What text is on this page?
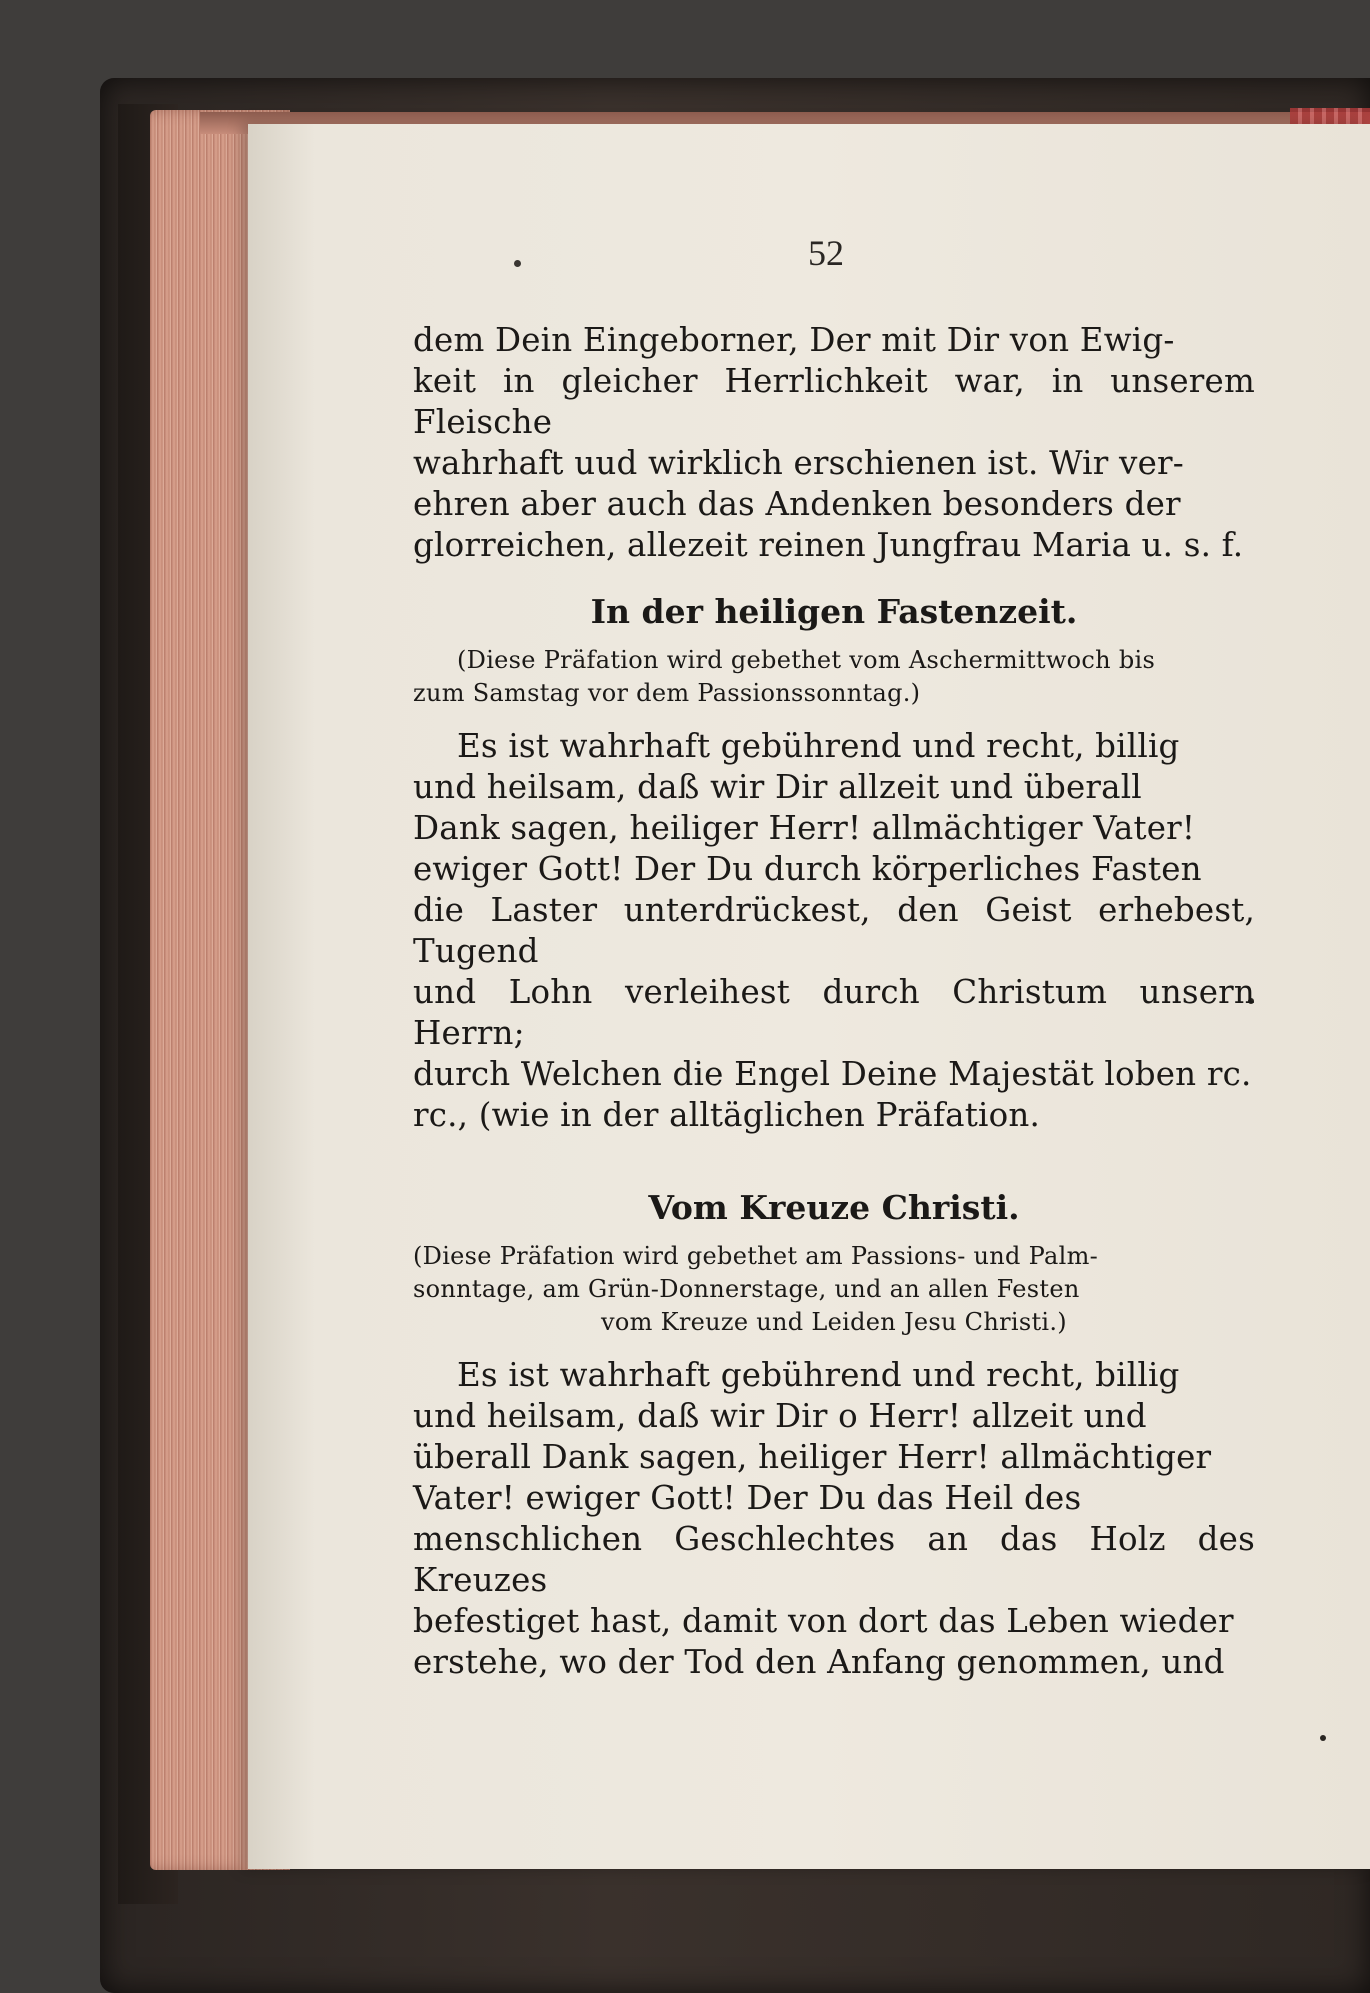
52

dem Dein Eingeborner, Der mit Dir von Ewig-
keit in gleicher Herrlichkeit war, in unserem Fleische
wahrhaft uud wirklich erschienen ist. Wir ver-
ehren aber auch das Andenken besonders der
glorreichen, allezeit reinen Jungfrau Maria u. s. f.

In der heiligen Fastenzeit.

(Diese Präfation wird gebethet vom Aschermittwoch bis
zum Samstag vor dem Passionssonntag.)

Es ist wahrhaft gebührend und recht, billig
und heilsam, daß wir Dir allzeit und überall
Dank sagen, heiliger Herr! allmächtiger Vater!
ewiger Gott! Der Du durch körperliches Fasten
die Laster unterdrückest, den Geist erhebest, Tugend
und Lohn verleihest durch Christum unsern Herrn;
durch Welchen die Engel Deine Majestät loben rc.
rc., (wie in der alltäglichen Präfation.

Vom Kreuze Christi.

(Diese Präfation wird gebethet am Passions- und Palm-
sonntage, am Grün-Donnerstage, und an allen Festen
vom Kreuze und Leiden Jesu Christi.)

Es ist wahrhaft gebührend und recht, billig
und heilsam, daß wir Dir o Herr! allzeit und
überall Dank sagen, heiliger Herr! allmächtiger
Vater! ewiger Gott! Der Du das Heil des
menschlichen Geschlechtes an das Holz des Kreuzes
befestiget hast, damit von dort das Leben wieder
erstehe, wo der Tod den Anfang genommen, und
